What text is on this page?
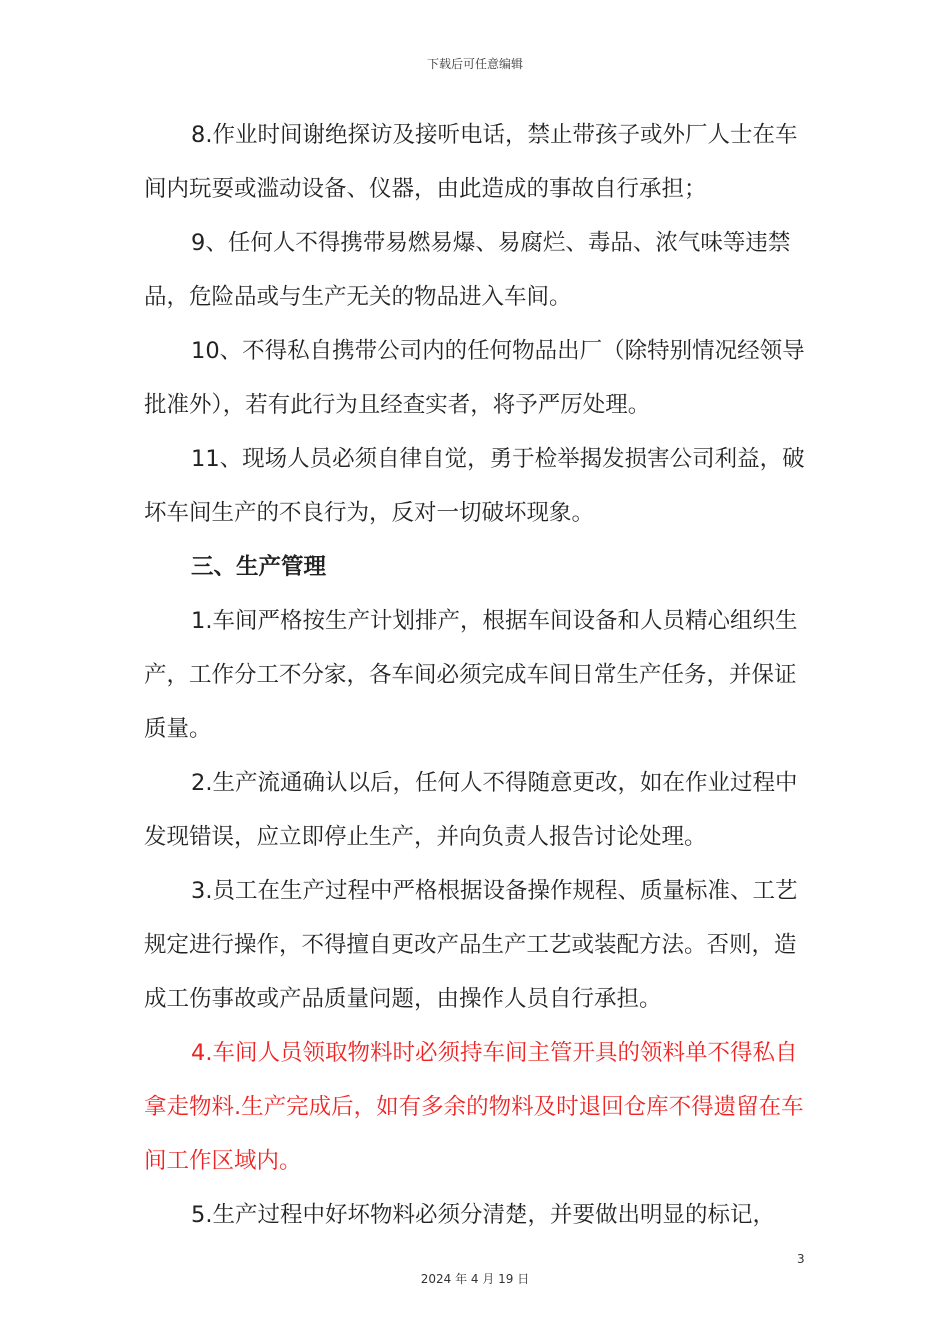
下载后可任意编辑

8.作业时间谢绝探访及接听电话，禁止带孩子或外厂人士在车间内玩耍或滥动设备、仪器，由此造成的事故自行承担；

9、任何人不得携带易燃易爆、易腐烂、毒品、浓气味等违禁品，危险品或与生产无关的物品进入车间。

10、不得私自携带公司内的任何物品出厂（除特别情况经领导批准外），若有此行为且经查实者，将予严厉处理。

11、现场人员必须自律自觉，勇于检举揭发损害公司利益，破坏车间生产的不良行为，反对一切破坏现象。

三、生产管理

1.车间严格按生产计划排产，根据车间设备和人员精心组织生产，工作分工不分家，各车间必须完成车间日常生产任务，并保证质量。

2.生产流通确认以后，任何人不得随意更改，如在作业过程中发现错误，应立即停止生产，并向负责人报告讨论处理。

3.员工在生产过程中严格根据设备操作规程、质量标准、工艺规定进行操作，不得擅自更改产品生产工艺或装配方法。否则，造成工伤事故或产品质量问题，由操作人员自行承担。

4.车间人员领取物料时必须持车间主管开具的领料单不得私自拿走物料.生产完成后，如有多余的物料及时退回仓库不得遗留在车间工作区域内。

5.生产过程中好坏物料必须分清楚，并要做出明显的标记，

3
2024 年 4 月 19 日
